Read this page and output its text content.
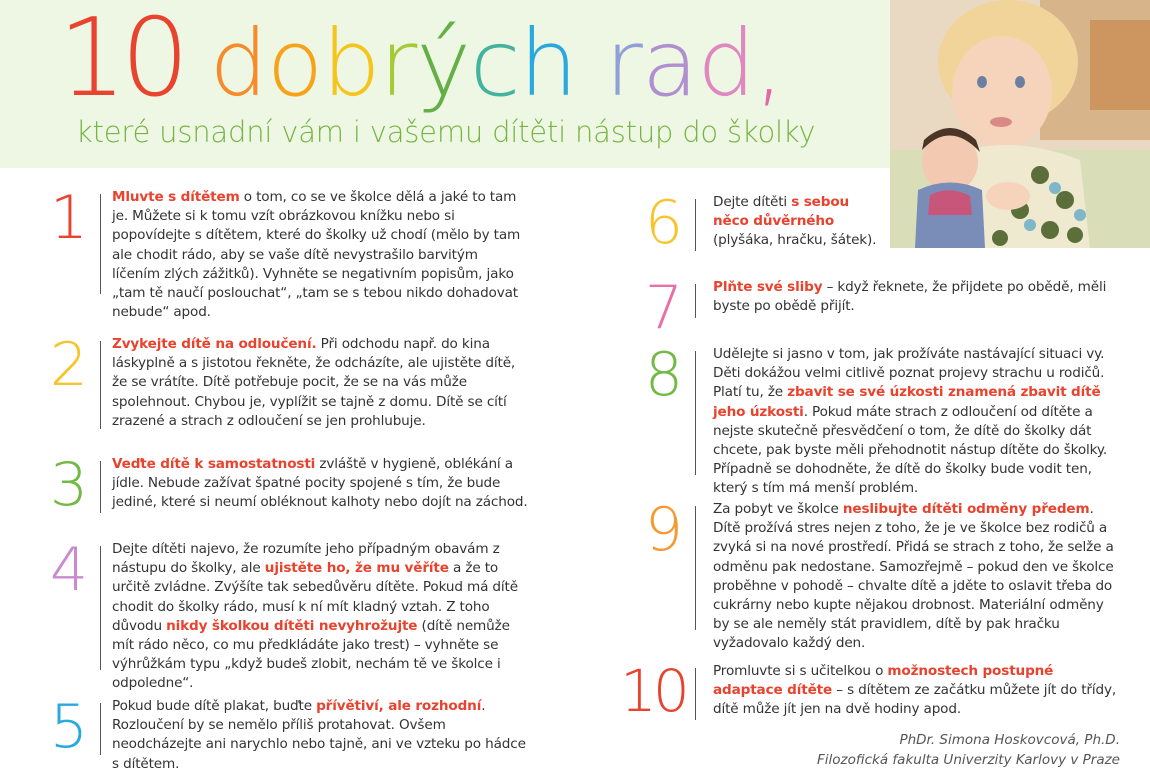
10 dobrých rad,
které usnadní vám i vašemu dítěti nástup do školky
1 Mluvte s dítětem o tom, co se ve školce dělá a jaké to tam je. Můžete si k tomu vzít obrázkovou knížku nebo si popovídejte s dítětem, které do školky už chodí (mělo by tam ale chodit rádo, aby se vaše dítě nevystrašilo barvitým líčením zlých zážitků). Vyhněte se negativním popisům, jako „tam tě naučí poslouchat“, „tam se s tebou nikdo dohadovat nebude“ apod.
2 Zvykejte dítě na odloučení. Při odchodu např. do kina láskyplně a s jistotou řekněte, že odcházíte, ale ujistěte dítě, že se vrátíte. Dítě potřebuje pocit, že se na vás může spolehnout. Chybou je, vyplížit se tajně z domu. Dítě se cítí zrazené a strach z odloučení se jen prohlubuje.
3 Veďte dítě k samostatnosti zvláště v hygieně, oblékání a jídle. Nebude zažívat špatné pocity spojené s tím, že bude jediné, které si neumí obléknout kalhoty nebo dojít na záchod.
4 Dejte dítěti najevo, že rozumíte jeho případným obavám z nástupu do školky, ale ujistěte ho, že mu věříte a že to určitě zvládne. Zvýšíte tak sebedůvěru dítěte. Pokud má dítě chodit do školky rádo, musí k ní mít kladný vztah. Z toho důvodu nikdy školkou dítěti nevyhrožujte (dítě nemůže mít rádo něco, co mu předkládáte jako trest) – vyhněte se výhrůžkám typu „když budeš zlobit, nechám tě ve školce i odpoledne“.
5 Pokud bude dítě plakat, buďte přívětiví, ale rozhodní. Rozloučení by se nemělo příliš protahovat. Ovšem neodcházejte ani narychlo nebo tajně, ani ve vzteku po hádce s dítětem.
6 Dejte dítěti s sebou něco důvěrného (plyšáka, hračku, šátek).
7 Plňte své sliby – když řeknete, že přijdete po obědě, měli byste po obědě přijít.
8 Udělejte si jasno v tom, jak prožíváte nastávající situaci vy. Děti dokážou velmi citlivě poznat projevy strachu u rodičů. Platí tu, že zbavit se své úzkosti znamená zbavit dítě jeho úzkosti. Pokud máte strach z odloučení od dítěte a nejste skutečně přesvědčení o tom, že dítě do školky dát chcete, pak byste měli přehodnotit nástup dítěte do školky. Případně se dohodněte, že dítě do školky bude vodit ten, který s tím má menší problém.
9 Za pobyt ve školce neslibujte dítěti odměny předem. Dítě prožívá stres nejen z toho, že je ve školce bez rodičů a zvyká si na nové prostředí. Přidá se strach z toho, že selže a odměnu pak nedostane. Samozřejmě – pokud den ve školce proběhne v pohodě – chvalte dítě a jděte to oslavit třeba do cukrárny nebo kupte nějakou drobnost. Materiální odměny by se ale neměly stát pravidlem, dítě by pak hračku vyžadovalo každý den.
10 Promluvte si s učitelkou o možnostech postupné adaptace dítěte – s dítětem ze začátku můžete jít do třídy, dítě může jít jen na dvě hodiny apod.
PhDr. Simona Hoskovcová, Ph.D.
Filozofická fakulta Univerzity Karlovy v Praze
